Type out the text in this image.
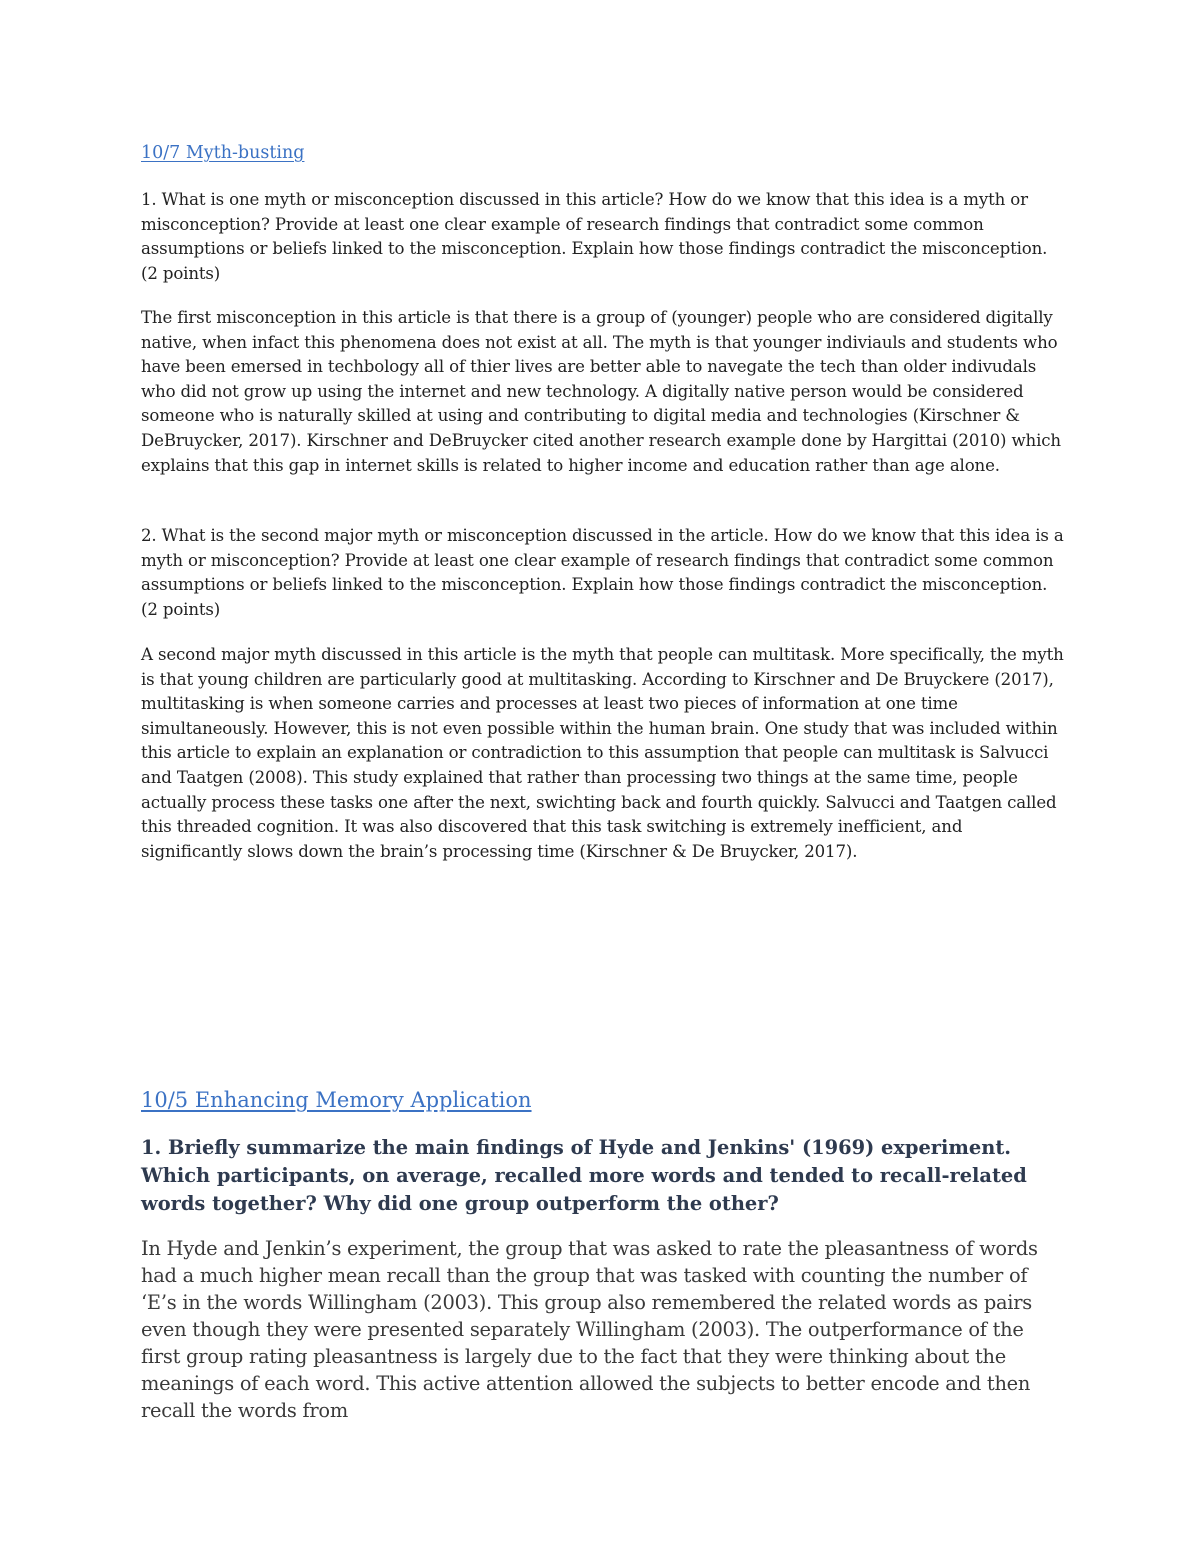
10/7 Myth-busting

1. What is one myth or misconception discussed in this article? How do we know that this idea is a myth or misconception? Provide at least one clear example of research findings that contradict some common assumptions or beliefs linked to the misconception. Explain how those findings contradict the misconception. (2 points)

The first misconception in this article is that there is a group of (younger) people who are considered digitally native, when infact this phenomena does not exist at all. The myth is that younger indiviauls and students who have been emersed in techbology all of thier lives are better able to navegate the tech than older indivudals who did not grow up using the internet and new technology. A digitally native person would be considered someone who is naturally skilled at using and contributing to digital media and technologies (Kirschner & DeBruycker, 2017). Kirschner and DeBruycker cited another research example done by Hargittai (2010) which explains that this gap in internet skills is related to higher income and education rather than age alone.

2. What is the second major myth or misconception discussed in the article. How do we know that this idea is a myth or misconception? Provide at least one clear example of research findings that contradict some common assumptions or beliefs linked to the misconception. Explain how those findings contradict the misconception. (2 points)

A second major myth discussed in this article is the myth that people can multitask. More specifically, the myth is that young children are particularly good at multitasking. According to Kirschner and De Bruyckere (2017), multitasking is when someone carries and processes at least two pieces of information at one time simultaneously. However, this is not even possible within the human brain. One study that was included within this article to explain an explanation or contradiction to this assumption that people can multitask is Salvucci and Taatgen (2008). This study explained that rather than processing two things at the same time, people actually process these tasks one after the next, swichting back and fourth quickly. Salvucci and Taatgen called this threaded cognition. It was also discovered that this task switching is extremely inefficient, and significantly slows down the brain’s processing time (Kirschner & De Bruycker, 2017).

10/5 Enhancing Memory Application

1. Briefly summarize the main findings of Hyde and Jenkins' (1969) experiment. Which participants, on average, recalled more words and tended to recall-related words together? Why did one group outperform the other?

In Hyde and Jenkin’s experiment, the group that was asked to rate the pleasantness of words had a much higher mean recall than the group that was tasked with counting the number of ‘E’s in the words Willingham (2003). This group also remembered the related words as pairs even though they were presented separately Willingham (2003). The outperformance of the first group rating pleasantness is largely due to the fact that they were thinking about the meanings of each word. This active attention allowed the subjects to better encode and then recall the words from
